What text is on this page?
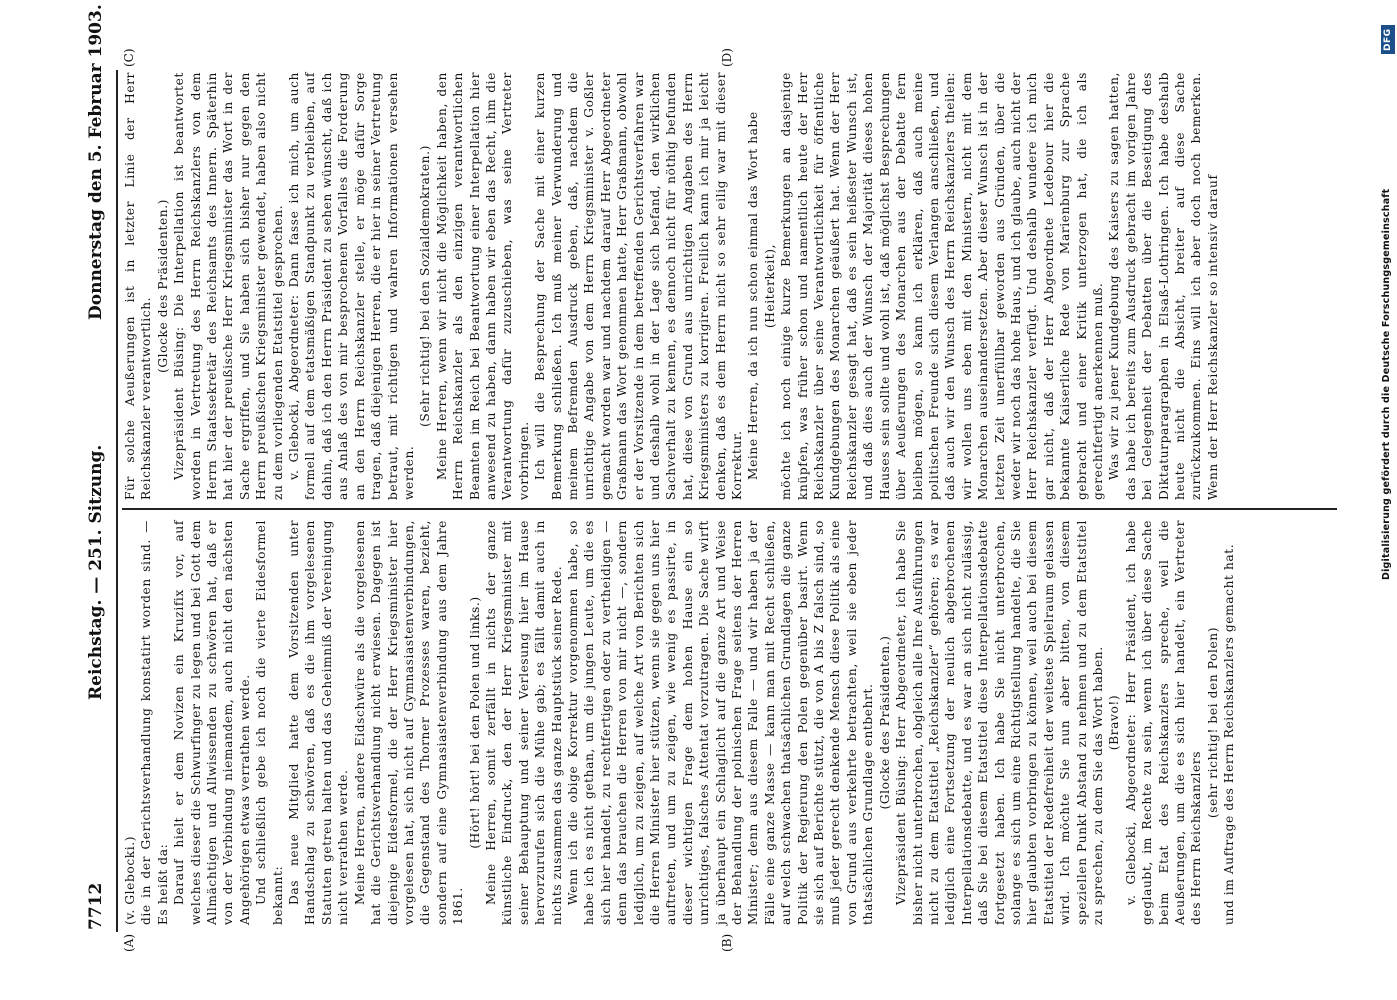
7712
Reichstag. — 251. Sitzung.
Donnerstag den 5. Februar 1903.
(A)	(B)
(C)	(D)

(v. Glebocki.) die in der Gerichtsverhandlung konstatirt worden sind. — Es heißt da: Darauf hielt er dem Novizen ein Kruzifix vor, auf welches dieser die Schwurfinger zu legen und bei Gott dem Allmächtigen und Allwissenden zu schwören hat, daß er von der Verbindung niemandem, auch nicht den nächsten Angehörigen etwas verrathen werde. Und schließlich gebe ich noch die vierte Eidesformel bekannt: Das neue Mitglied hatte dem Vorsitzenden unter Handschlag zu schwören, daß es die ihm vorgelesenen Statuten getreu halten und das Geheimniß der Vereinigung nicht verrathen werde. Meine Herren, andere Eidschwüre als die vorgelesenen hat die Gerichtsverhandlung nicht erwiesen. Dagegen ist diejenige Eidesformel, die der Herr Kriegsminister hier vorgelesen hat, sich nicht auf Gymnasiastenverbindungen, die Gegenstand des Thorner Prozesses waren, bezieht, sondern auf eine Gymnasiastenverbindung aus dem Jahre 1861.

(Hört! hört! bei den Polen und links.) Meine Herren, somit zerfällt in nichts der ganze künstliche Eindruck, den der Herr Kriegsminister mit seiner Behauptung und seiner Verlesung hier im Hause hervorzurufen sich die Mühe gab; es fällt damit auch in nichts zusammen das ganze Hauptstück seiner Rede. Wenn ich die obige Korrektur vorgenommen habe, so habe ich es nicht gethan, um die jungen Leute, um die es sich hier handelt, zu rechtfertigen oder zu vertheidigen — denn das brauchen die Herren von mir nicht —, sondern lediglich, um zu zeigen, auf welche Art von Berichten sich die Herren Minister hier stützen, wenn sie gegen uns hier auftreten, und um zu zeigen, wie wenig es passirte, in dieser wichtigen Frage dem hohen Hause ein so unrichtiges, falsches Attentat vorzutragen. Die Sache wirft ja überhaupt ein Schlaglicht auf die ganze Art und Weise der Behandlung der polnischen Frage seitens der Herren Minister; denn aus diesem Falle — und wir haben ja der Fälle eine ganze Masse — kann man mit Recht schließen, auf welch schwachen thatsächlichen Grundlagen die ganze Politik der Regierung den Polen gegenüber basirt. Wenn sie sich auf Berichte stützt, die von A bis Z falsch sind, so muß jeder gerecht denkende Mensch diese Politik als eine von Grund aus verkehrte betrachten, weil sie eben jeder thatsächlichen Grundlage entbehrt. (Glocke des Präsidenten.) Vizepräsident Büsing: Herr Abgeordneter, ich habe Sie bisher nicht unterbrochen, obgleich alle Ihre Ausführungen nicht zu dem Etatstitel „Reichskanzler“ gehören; es war lediglich eine Fortsetzung der neulich abgebrochenen Interpellationsdebatte, und es war an sich nicht zulässig, daß Sie bei diesem Etatstitel diese Interpellationsdebatte fortgesetzt haben. Ich habe Sie nicht unterbrochen, solange es sich um eine Richtigstellung handelte, die Sie hier glaubten vorbringen zu können, weil auch bei diesem Etatstitel der Redefreiheit der weiteste Spielraum gelassen wird. Ich möchte Sie nun aber bitten, von diesem speziellen Punkt Abstand zu nehmen und zu dem Etatstitel zu sprechen, zu dem Sie das Wort haben. (Bravo!) v. Glebocki, Abgeordneter: Herr Präsident, ich habe geglaubt, im Rechte zu sein, wenn ich über diese Sache beim Etat des Reichskanzlers spreche, weil die Aeußerungen, um die es sich hier handelt, ein Vertreter des Herrn Reichskanzlers

(sehr richtig! bei den Polen) und im Auftrage des Herrn Reichskanzlers gemacht hat.

Für solche Aeußerungen ist in letzter Linie der Herr Reichskanzler verantwortlich.

(Glocke des Präsidenten.) Vizepräsident Büsing: Die Interpellation ist beantwortet worden in Vertretung des Herrn Reichskanzlers von dem Herrn Staatssekretär des Reichsamts des Innern. Späterhin hat hier der preußische Herr Kriegsminister das Wort in der Sache ergriffen, und Sie haben sich bisher nur gegen den Herrn preußischen Kriegsminister gewendet, haben also nicht zu dem vorliegenden Etatstitel gesprochen. v. Glebocki, Abgeordneter: Dann fasse ich mich, um auch formell auf dem etatsmäßigen Standpunkt zu verbleiben, auf dahin, daß ich den Herrn Präsident zu sehen wünscht, daß ich aus Anlaß des von mir besprochenen Vorfalles die Forderung an den Herrn Reichskanzler stelle, er möge dafür Sorge tragen, daß diejenigen Herren, die er hier in seiner Vertretung betraut, mit richtigen und wahren Informationen versehen werden.

(Sehr richtig! bei den Sozialdemokraten.) Meine Herren, wenn wir nicht die Möglichkeit haben, den Herrn Reichskanzler als den einzigen verantwortlichen Beamten im Reich bei Beantwortung einer Interpellation hier anwesend zu haben, dann haben wir eben das Recht, ihm die Verantwortung dafür zuzuschieben, was seine Vertreter vorbringen. Ich will die Besprechung der Sache mit einer kurzen Bemerkung schließen. Ich muß meiner Verwunderung und meinem Befremden Ausdruck geben, daß, nachdem die unrichtige Angabe von dem Herrn Kriegsminister v. Goßler gemacht worden war und nachdem darauf Herr Abgeordneter Graßmann das Wort genommen hatte, Herr Graßmann, obwohl er der Vorsitzende in dem betreffenden Gerichtsverfahren war und deshalb wohl in der Lage sich befand, den wirklichen Sachverhalt zu kennen, es dennoch nicht für nöthig befunden hat, diese von Grund aus unrichtigen Angaben des Herrn Kriegsministers zu korrigiren. Freilich kann ich mir ja leicht denken, daß es dem Herrn nicht so sehr eilig war mit dieser Korrektur. Meine Herren, da ich nun schon einmal das Wort habe (Heiterkeit), möchte ich noch einige kurze Bemerkungen an dasjenige knüpfen, was früher schon und namentlich heute der Herr Reichskanzler über seine Verantwortlichkeit für öffentliche Kundgebungen des Monarchen geäußert hat. Wenn der Herr Reichskanzler gesagt hat, daß es sein heißester Wunsch ist, und daß dies auch der Wunsch der Majorität dieses hohen Hauses sein sollte und wohl ist, daß möglichst Besprechungen über Aeußerungen des Monarchen aus der Debatte fern bleiben mögen, so kann ich erklären, daß auch meine politischen Freunde sich diesem Verlangen anschließen, und daß auch wir den Wunsch des Herrn Reichskanzlers theilen: wir wollen uns eben mit den Ministern, nicht mit dem Monarchen auseinandersetzen. Aber dieser Wunsch ist in der letzten Zeit unerfüllbar geworden aus Gründen, über die weder wir noch das hohe Haus, und ich glaube, auch nicht der Herr Reichskanzler verfügt. Und deshalb wundere ich mich gar nicht, daß der Herr Abgeordnete Ledebour hier die bekannte Kaiserliche Rede von Marienburg zur Sprache gebracht und einer Kritik unterzogen hat, die ich als gerechtfertigt anerkennen muß. Was wir zu jener Kundgebung des Kaisers zu sagen hatten, das habe ich bereits zum Ausdruck gebracht im vorigen Jahre bei Gelegenheit der Debatten über die Beseitigung des Diktaturparagraphen in Elsaß-Lothringen. Ich habe deshalb heute nicht die Absicht, breiter auf diese Sache zurückzukommen. Eins will ich aber doch noch bemerken. Wenn der Herr Reichskanzler so intensiv darauf	Digitalisierung gefördert durch die Deutsche Forschungsgemeinschaft
DFG
